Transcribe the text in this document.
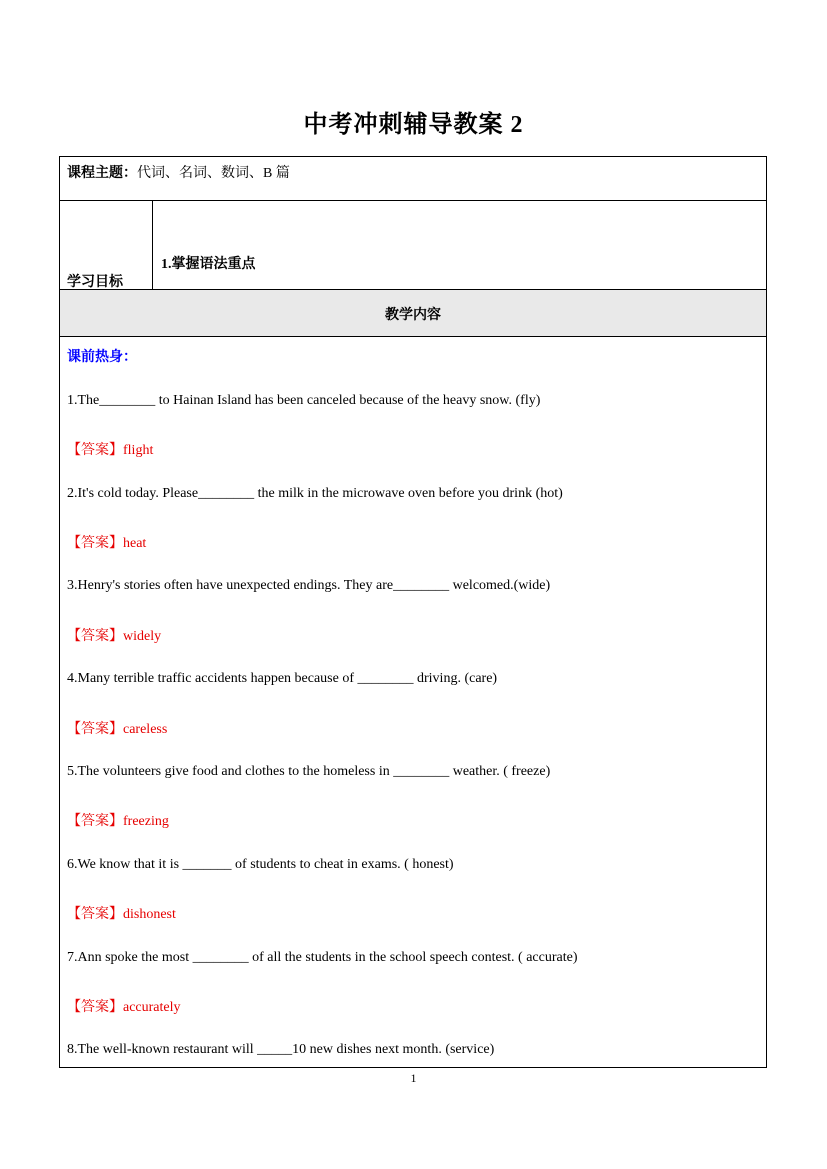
中考冲刺辅导教案 2
课程主题：代词、名词、数词、B 篇
学习目标
1.掌握语法重点
教学内容
课前热身：
1.The________ to Hainan Island has been canceled because of the heavy snow. (fly)
【答案】flight
2.It's cold today. Please________ the milk in the microwave oven before you drink (hot)
【答案】heat
3.Henry's stories often have unexpected endings. They are________ welcomed.(wide)
【答案】widely
4.Many terrible traffic accidents happen because of ________ driving. (care)
【答案】careless
5.The volunteers give food and clothes to the homeless in ________ weather. ( freeze)
【答案】freezing
6.We know that it is _______ of students to cheat in exams. ( honest)
【答案】dishonest
7.Ann spoke the most ________ of all the students in the school speech contest. ( accurate)
【答案】accurately
8.The well-known restaurant will _____10 new dishes next month. (service)
1
